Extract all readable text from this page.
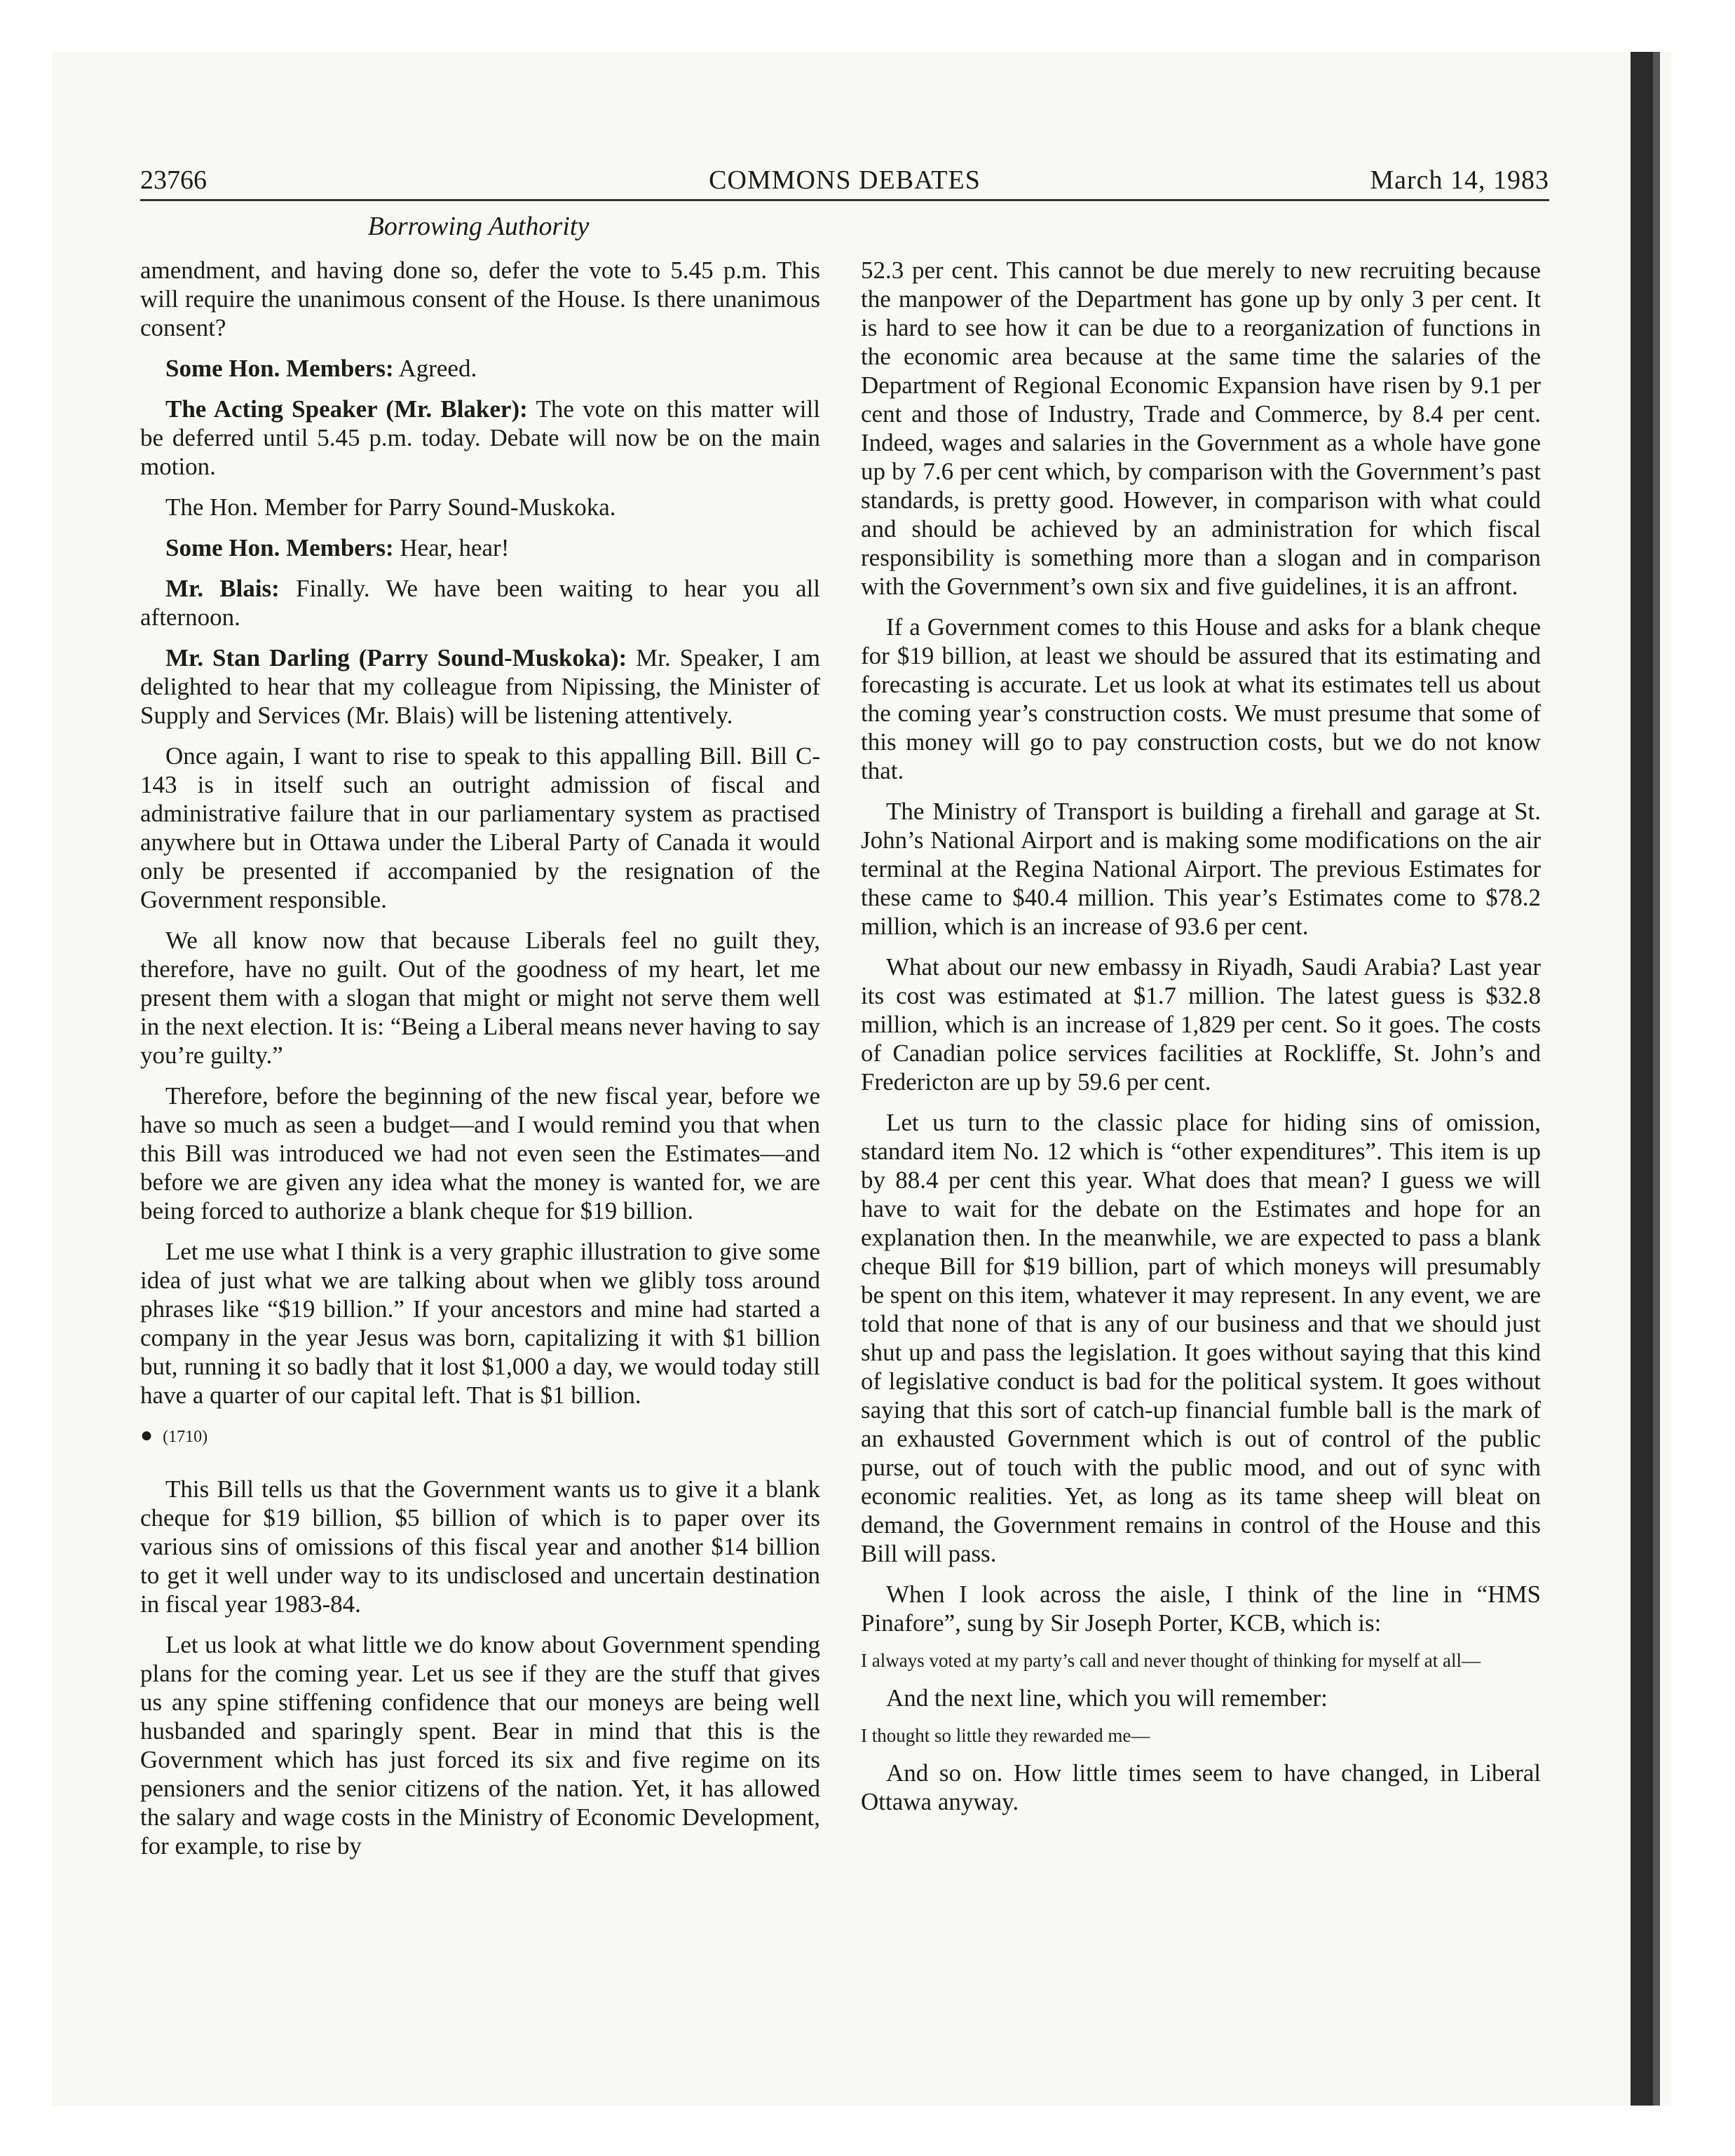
23766	COMMONS DEBATES	March 14, 1983
Borrowing Authority

amendment, and having done so, defer the vote to 5.45 p.m. This will require the unanimous consent of the House. Is there unanimous consent?

Some Hon. Members: Agreed.

The Acting Speaker (Mr. Blaker): The vote on this matter will be deferred until 5.45 p.m. today. Debate will now be on the main motion.

The Hon. Member for Parry Sound-Muskoka.

Some Hon. Members: Hear, hear!

Mr. Blais: Finally. We have been waiting to hear you all afternoon.

Mr. Stan Darling (Parry Sound-Muskoka): Mr. Speaker, I am delighted to hear that my colleague from Nipissing, the Minister of Supply and Services (Mr. Blais) will be listening attentively.

Once again, I want to rise to speak to this appalling Bill. Bill C-143 is in itself such an outright admission of fiscal and administrative failure that in our parliamentary system as practised anywhere but in Ottawa under the Liberal Party of Canada it would only be presented if accompanied by the resignation of the Government responsible.

We all know now that because Liberals feel no guilt they, therefore, have no guilt. Out of the goodness of my heart, let me present them with a slogan that might or might not serve them well in the next election. It is: “Being a Liberal means never having to say you’re guilty.”

Therefore, before the beginning of the new fiscal year, before we have so much as seen a budget—and I would remind you that when this Bill was introduced we had not even seen the Estimates—and before we are given any idea what the money is wanted for, we are being forced to authorize a blank cheque for $19 billion.

Let me use what I think is a very graphic illustration to give some idea of just what we are talking about when we glibly toss around phrases like “$19 billion.” If your ancestors and mine had started a company in the year Jesus was born, capitalizing it with $1 billion but, running it so badly that it lost $1,000 a day, we would today still have a quarter of our capital left. That is $1 billion.

● (1710)

This Bill tells us that the Government wants us to give it a blank cheque for $19 billion, $5 billion of which is to paper over its various sins of omissions of this fiscal year and another $14 billion to get it well under way to its undisclosed and uncertain destination in fiscal year 1983-84.

Let us look at what little we do know about Government spending plans for the coming year. Let us see if they are the stuff that gives us any spine stiffening confidence that our moneys are being well husbanded and sparingly spent. Bear in mind that this is the Government which has just forced its six and five regime on its pensioners and the senior citizens of the nation. Yet, it has allowed the salary and wage costs in the Ministry of Economic Development, for example, to rise by

52.3 per cent. This cannot be due merely to new recruiting because the manpower of the Department has gone up by only 3 per cent. It is hard to see how it can be due to a reorganization of functions in the economic area because at the same time the salaries of the Department of Regional Economic Expansion have risen by 9.1 per cent and those of Industry, Trade and Commerce, by 8.4 per cent. Indeed, wages and salaries in the Government as a whole have gone up by 7.6 per cent which, by comparison with the Government’s past standards, is pretty good. However, in comparison with what could and should be achieved by an administration for which fiscal responsibility is something more than a slogan and in comparison with the Government’s own six and five guidelines, it is an affront.

If a Government comes to this House and asks for a blank cheque for $19 billion, at least we should be assured that its estimating and forecasting is accurate. Let us look at what its estimates tell us about the coming year’s construction costs. We must presume that some of this money will go to pay construction costs, but we do not know that.

The Ministry of Transport is building a firehall and garage at St. John’s National Airport and is making some modifications on the air terminal at the Regina National Airport. The previous Estimates for these came to $40.4 million. This year’s Estimates come to $78.2 million, which is an increase of 93.6 per cent.

What about our new embassy in Riyadh, Saudi Arabia? Last year its cost was estimated at $1.7 million. The latest guess is $32.8 million, which is an increase of 1,829 per cent. So it goes. The costs of Canadian police services facilities at Rockliffe, St. John’s and Fredericton are up by 59.6 per cent.

Let us turn to the classic place for hiding sins of omission, standard item No. 12 which is “other expenditures”. This item is up by 88.4 per cent this year. What does that mean? I guess we will have to wait for the debate on the Estimates and hope for an explanation then. In the meanwhile, we are expected to pass a blank cheque Bill for $19 billion, part of which moneys will presumably be spent on this item, whatever it may represent. In any event, we are told that none of that is any of our business and that we should just shut up and pass the legislation. It goes without saying that this kind of legislative conduct is bad for the political system. It goes without saying that this sort of catch-up financial fumble ball is the mark of an exhausted Government which is out of control of the public purse, out of touch with the public mood, and out of sync with economic realities. Yet, as long as its tame sheep will bleat on demand, the Government remains in control of the House and this Bill will pass.

When I look across the aisle, I think of the line in “HMS Pinafore”, sung by Sir Joseph Porter, KCB, which is:

I always voted at my party’s call and never thought of thinking for myself at all—

And the next line, which you will remember:

I thought so little they rewarded me—

And so on. How little times seem to have changed, in Liberal Ottawa anyway.
